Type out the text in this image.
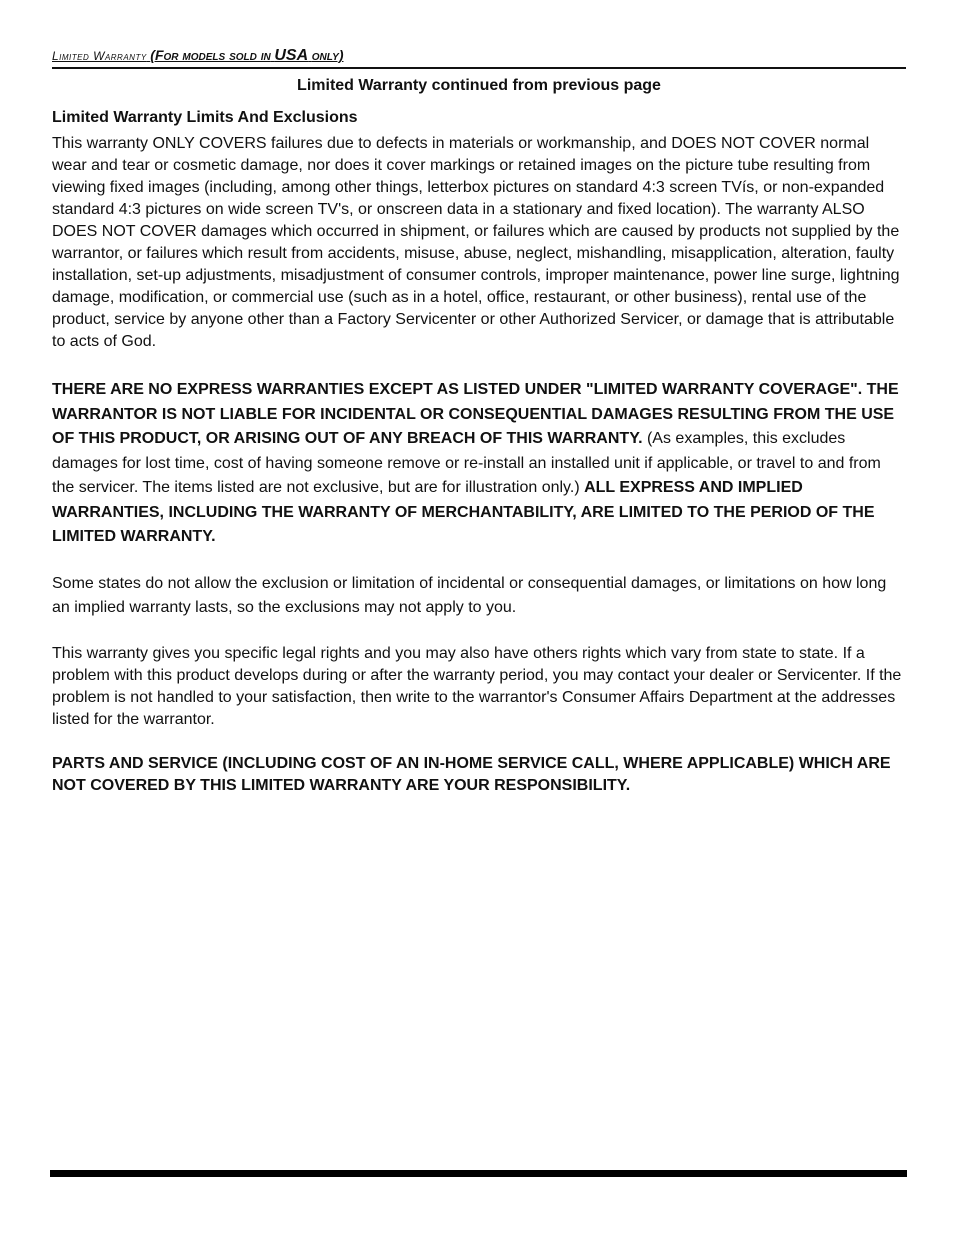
Limited Warranty (For models sold in USA only)
Limited Warranty continued from previous page
Limited Warranty Limits And Exclusions

This warranty ONLY COVERS failures due to defects in materials or workmanship, and DOES NOT COVER normal wear and tear or cosmetic damage, nor does it cover markings or retained images on the picture tube resulting from viewing fixed images (including, among other things, letterbox pictures on standard 4:3 screen TVís, or non-expanded standard 4:3 pictures on wide screen TV's, or onscreen data in a stationary and fixed location). The warranty ALSO DOES NOT COVER damages which occurred in shipment, or failures which are caused by products not supplied by the warrantor, or failures which result from accidents, misuse, abuse, neglect, mishandling, misapplication, alteration, faulty installation, set-up adjustments, misadjustment of consumer controls, improper maintenance, power line surge, lightning damage, modification, or commercial use (such as in a hotel, office, restaurant, or other business), rental use of the product, service by anyone other than a Factory Servicenter or other Authorized Servicer, or damage that is attributable to acts of God.

THERE ARE NO EXPRESS WARRANTIES EXCEPT AS LISTED UNDER "LIMITED WARRANTY COVERAGE". THE WARRANTOR IS NOT LIABLE FOR INCIDENTAL OR CONSEQUENTIAL DAMAGES RESULTING FROM THE USE OF THIS PRODUCT, OR ARISING OUT OF ANY BREACH OF THIS WARRANTY. (As examples, this excludes damages for lost time, cost of having someone remove or re-install an installed unit if applicable, or travel to and from the servicer. The items listed are not exclusive, but are for illustration only.) ALL EXPRESS AND IMPLIED WARRANTIES, INCLUDING THE WARRANTY OF MERCHANTABILITY, ARE LIMITED TO THE PERIOD OF THE LIMITED WARRANTY.

Some states do not allow the exclusion or limitation of incidental or consequential damages, or limitations on how long an implied warranty lasts, so the exclusions may not apply to you.

This warranty gives you specific legal rights and you may also have others rights which vary from state to state. If a problem with this product develops during or after the warranty period, you may contact your dealer or Servicenter. If the problem is not handled to your satisfaction, then write to the warrantor's Consumer Affairs Department at the addresses listed for the warrantor.

PARTS AND SERVICE (INCLUDING COST OF AN IN-HOME SERVICE CALL, WHERE APPLICABLE) WHICH ARE NOT COVERED BY THIS LIMITED WARRANTY ARE YOUR RESPONSIBILITY.
